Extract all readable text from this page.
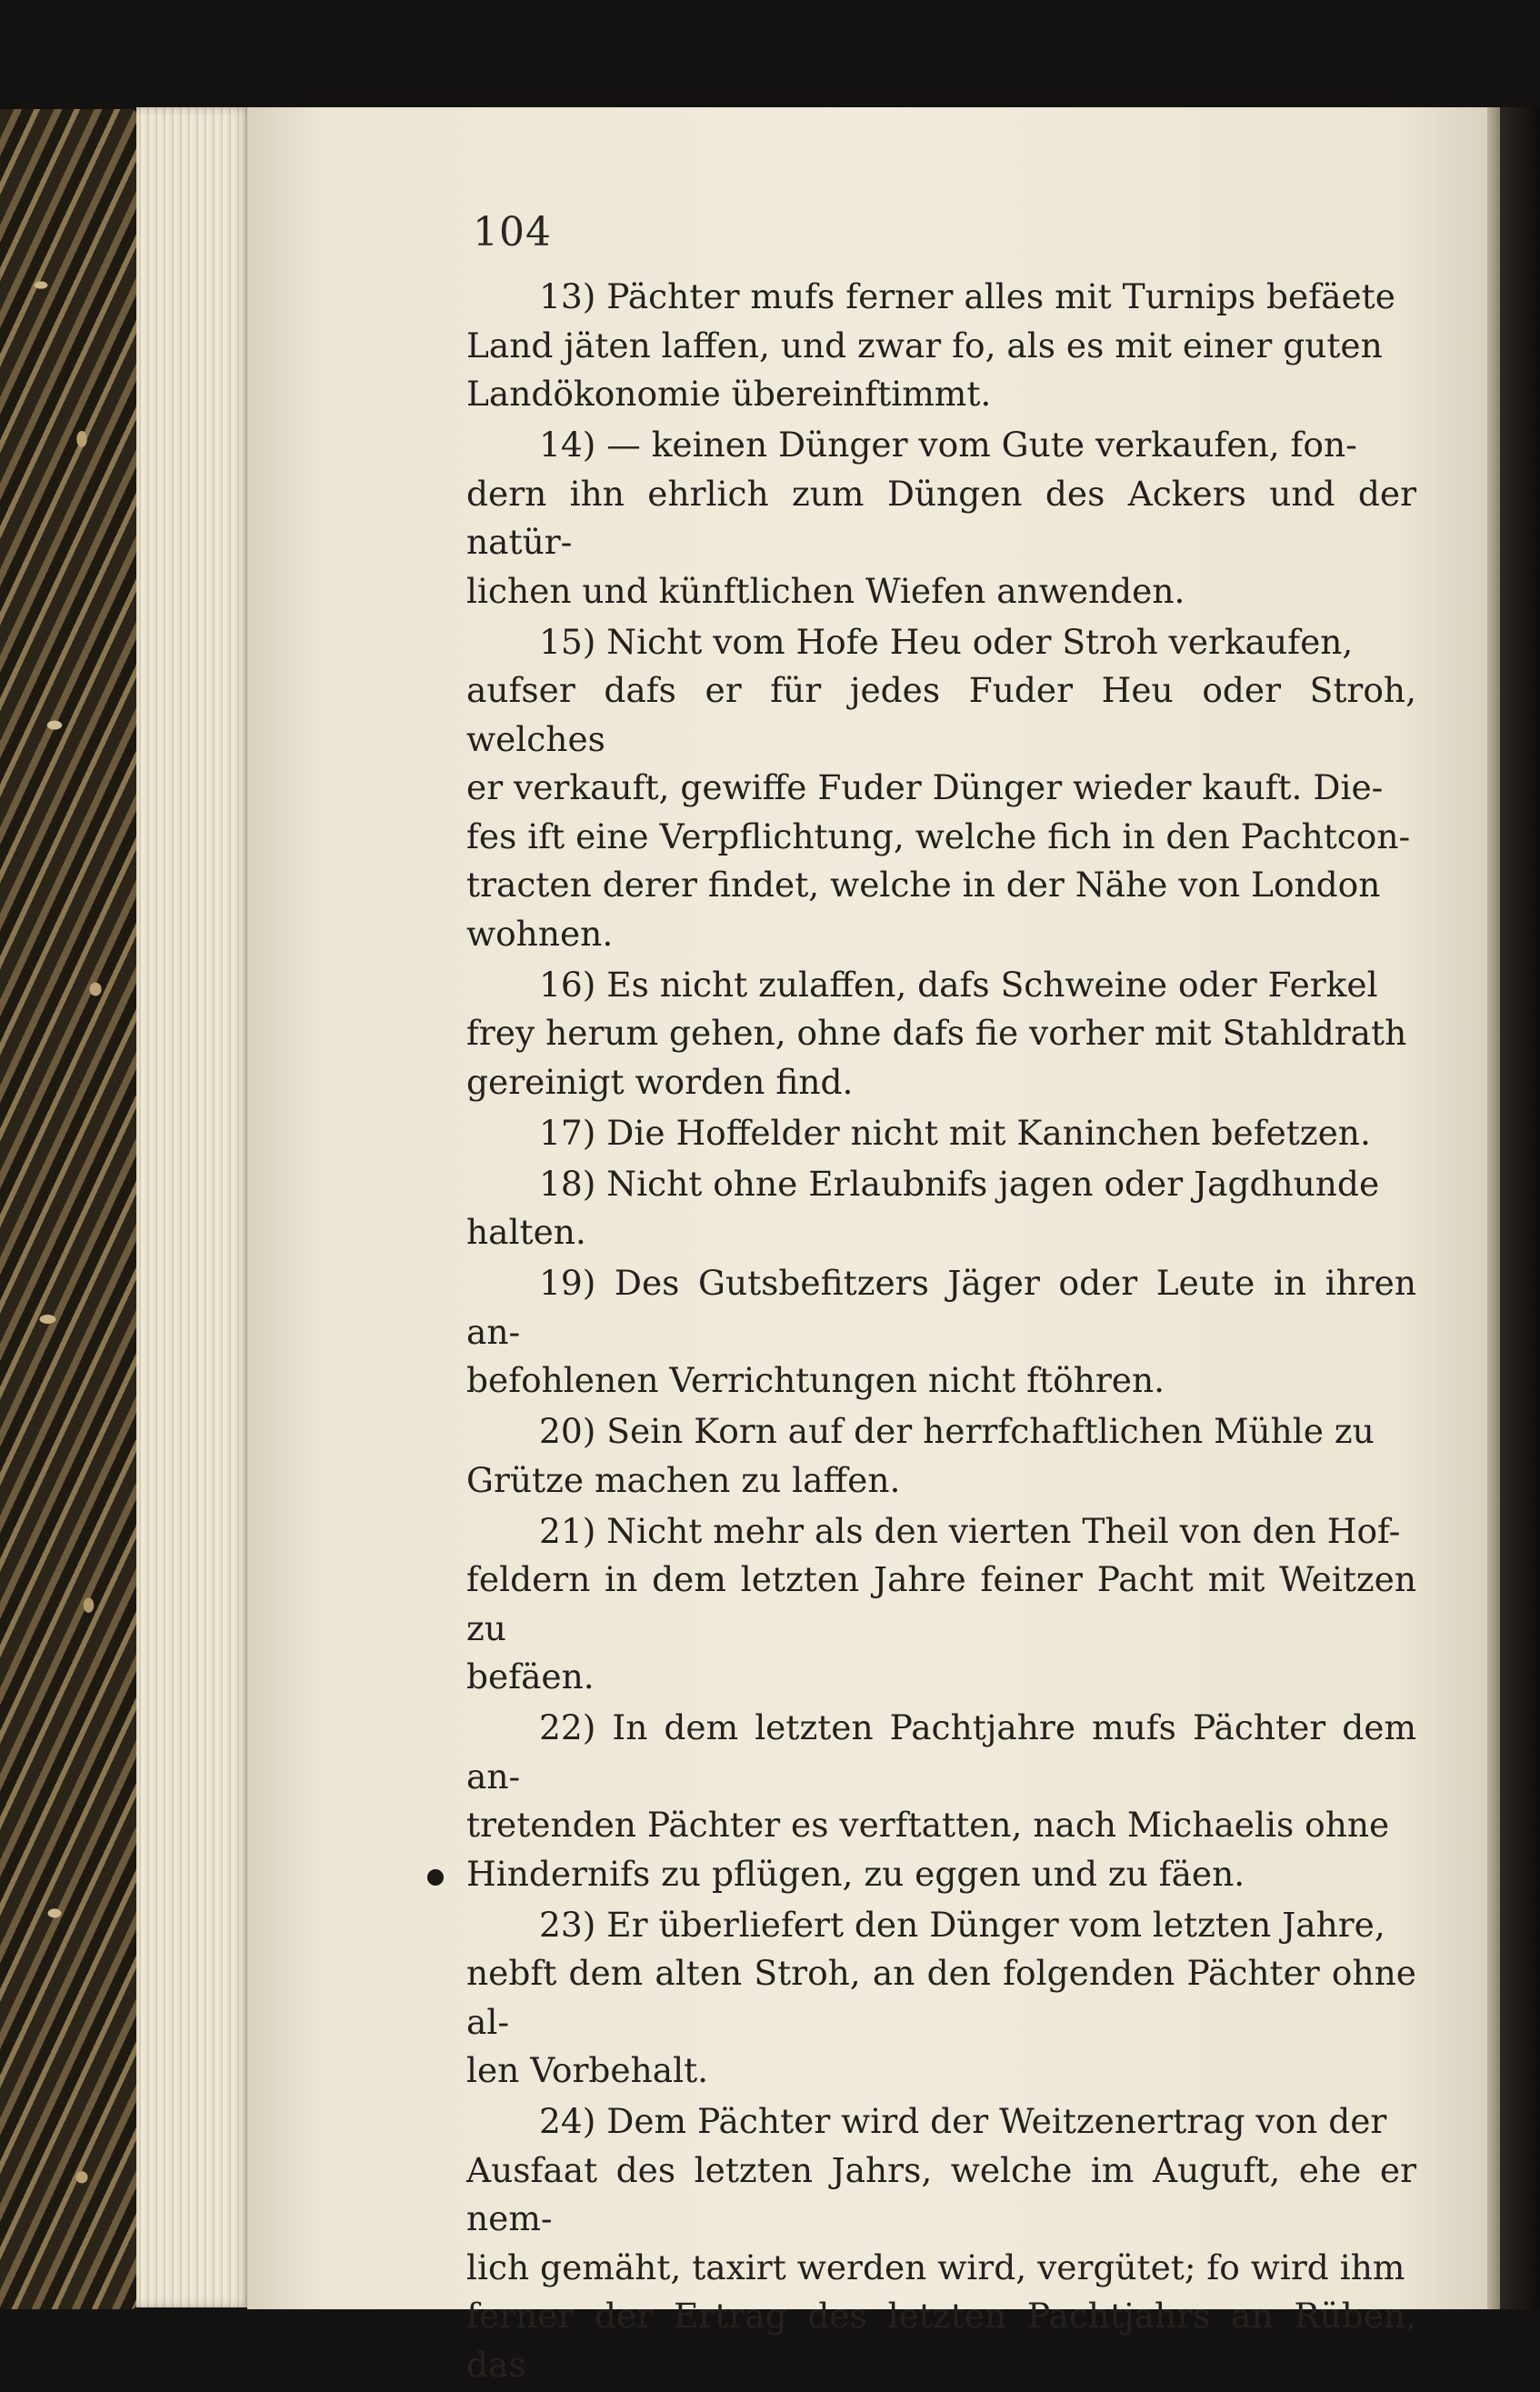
104
13) Pächter mufs ferner alles mit Turnips befäete
Land jäten laffen, und zwar fo, als es mit einer guten
Landökonomie übereinftimmt.
14) — keinen Dünger vom Gute verkaufen, fon-
dern ihn ehrlich zum Düngen des Ackers und der natür-
lichen und künftlichen Wiefen anwenden.
15) Nicht vom Hofe Heu oder Stroh verkaufen,
aufser dafs er für jedes Fuder Heu oder Stroh, welches
er verkauft, gewiffe Fuder Dünger wieder kauft. Die-
fes ift eine Verpflichtung, welche fich in den Pachtcon-
tracten derer findet, welche in der Nähe von London
wohnen.
16) Es nicht zulaffen, dafs Schweine oder Ferkel
frey herum gehen, ohne dafs fie vorher mit Stahldrath
gereinigt worden find.
17) Die Hoffelder nicht mit Kaninchen befetzen.
18) Nicht ohne Erlaubnifs jagen oder Jagdhunde
halten.
19) Des Gutsbefitzers Jäger oder Leute in ihren an-
befohlenen Verrichtungen nicht ftöhren.
20) Sein Korn auf der herrfchaftlichen Mühle zu
Grütze machen zu laffen.
21) Nicht mehr als den vierten Theil von den Hof-
feldern in dem letzten Jahre feiner Pacht mit Weitzen zu
befäen.
22) In dem letzten Pachtjahre mufs Pächter dem an-
tretenden Pächter es verftatten, nach Michaelis ohne
Hindernifs zu pflügen, zu eggen und zu fäen.
23) Er überliefert den Dünger vom letzten Jahre,
nebft dem alten Stroh, an den folgenden Pächter ohne al-
len Vorbehalt.
24) Dem Pächter wird der Weitzenertrag von der
Ausfaat des letzten Jahrs, welche im Auguft, ehe er nem-
lich gemäht, taxirt werden wird, vergütet; fo wird ihm
ferner der Ertrag des letzten Pachtjahrs an Rüben, das
